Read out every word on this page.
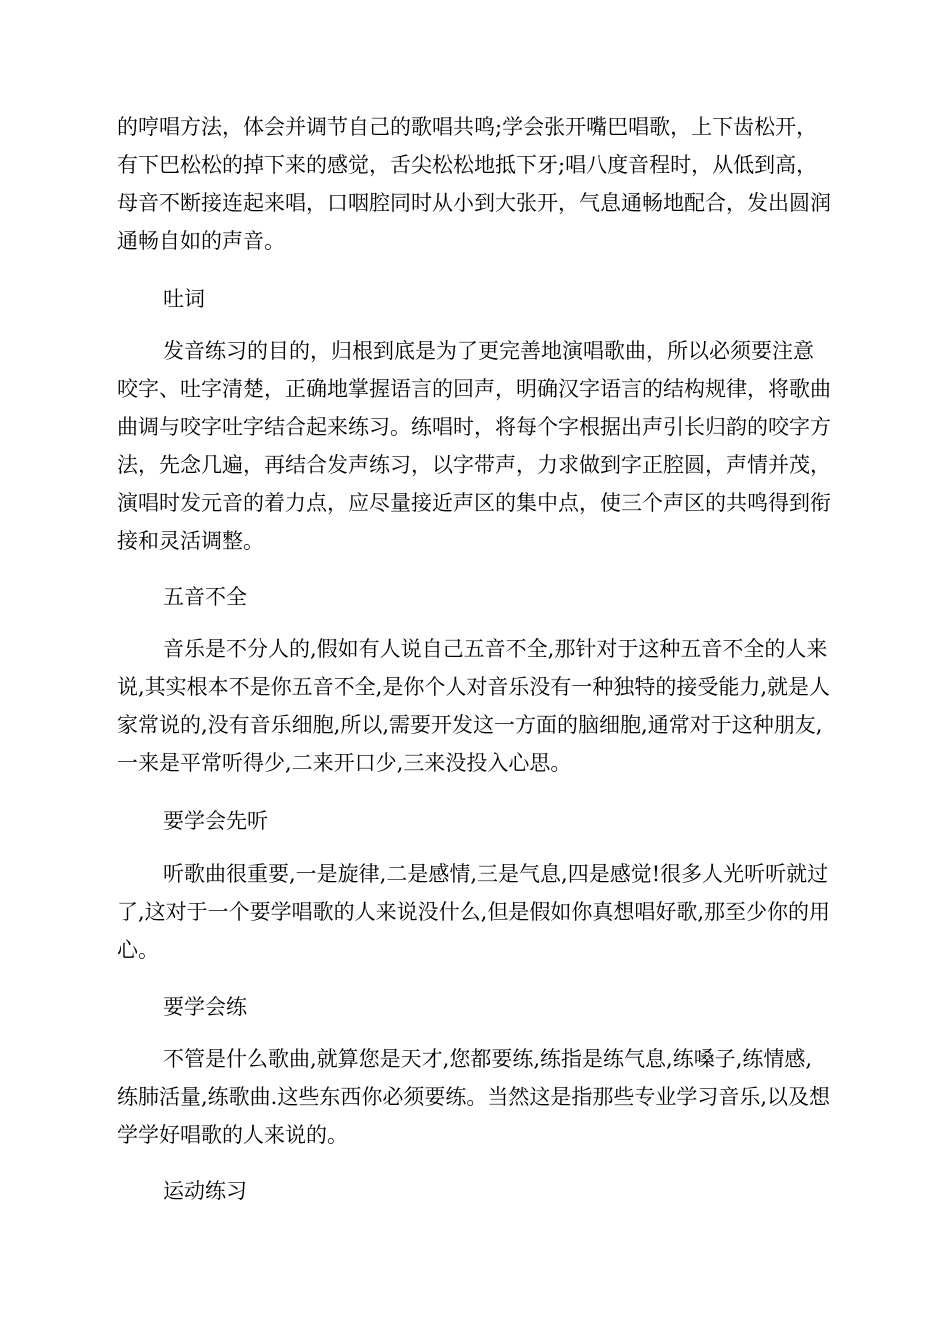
的哼唱方法，体会并调节自己的歌唱共鸣;学会张开嘴巴唱歌，上下齿松开，有下巴松松的掉下来的感觉，舌尖松松地抵下牙;唱八度音程时，从低到高，母音不断接连起来唱，口咽腔同时从小到大张开，气息通畅地配合，发出圆润通畅自如的声音。

吐词

发音练习的目的，归根到底是为了更完善地演唱歌曲，所以必须要注意咬字、吐字清楚，正确地掌握语言的回声，明确汉字语言的结构规律，将歌曲曲调与咬字吐字结合起来练习。练唱时，将每个字根据出声引长归韵的咬字方法，先念几遍，再结合发声练习，以字带声，力求做到字正腔圆，声情并茂，演唱时发元音的着力点，应尽量接近声区的集中点，使三个声区的共鸣得到衔接和灵活调整。

五音不全

音乐是不分人的,假如有人说自己五音不全,那针对于这种五音不全的人来说,其实根本不是你五音不全,是你个人对音乐没有一种独特的接受能力,就是人家常说的,没有音乐细胞,所以,需要开发这一方面的脑细胞,通常对于这种朋友,一来是平常听得少,二来开口少,三来没投入心思。

要学会先听

听歌曲很重要,一是旋律,二是感情,三是气息,四是感觉!很多人光听听就过了,这对于一个要学唱歌的人来说没什么,但是假如你真想唱好歌,那至少你的用心。

要学会练

不管是什么歌曲,就算您是天才,您都要练,练指是练气息,练嗓子,练情感,练肺活量,练歌曲.这些东西你必须要练。当然这是指那些专业学习音乐,以及想学学好唱歌的人来说的。

运动练习
